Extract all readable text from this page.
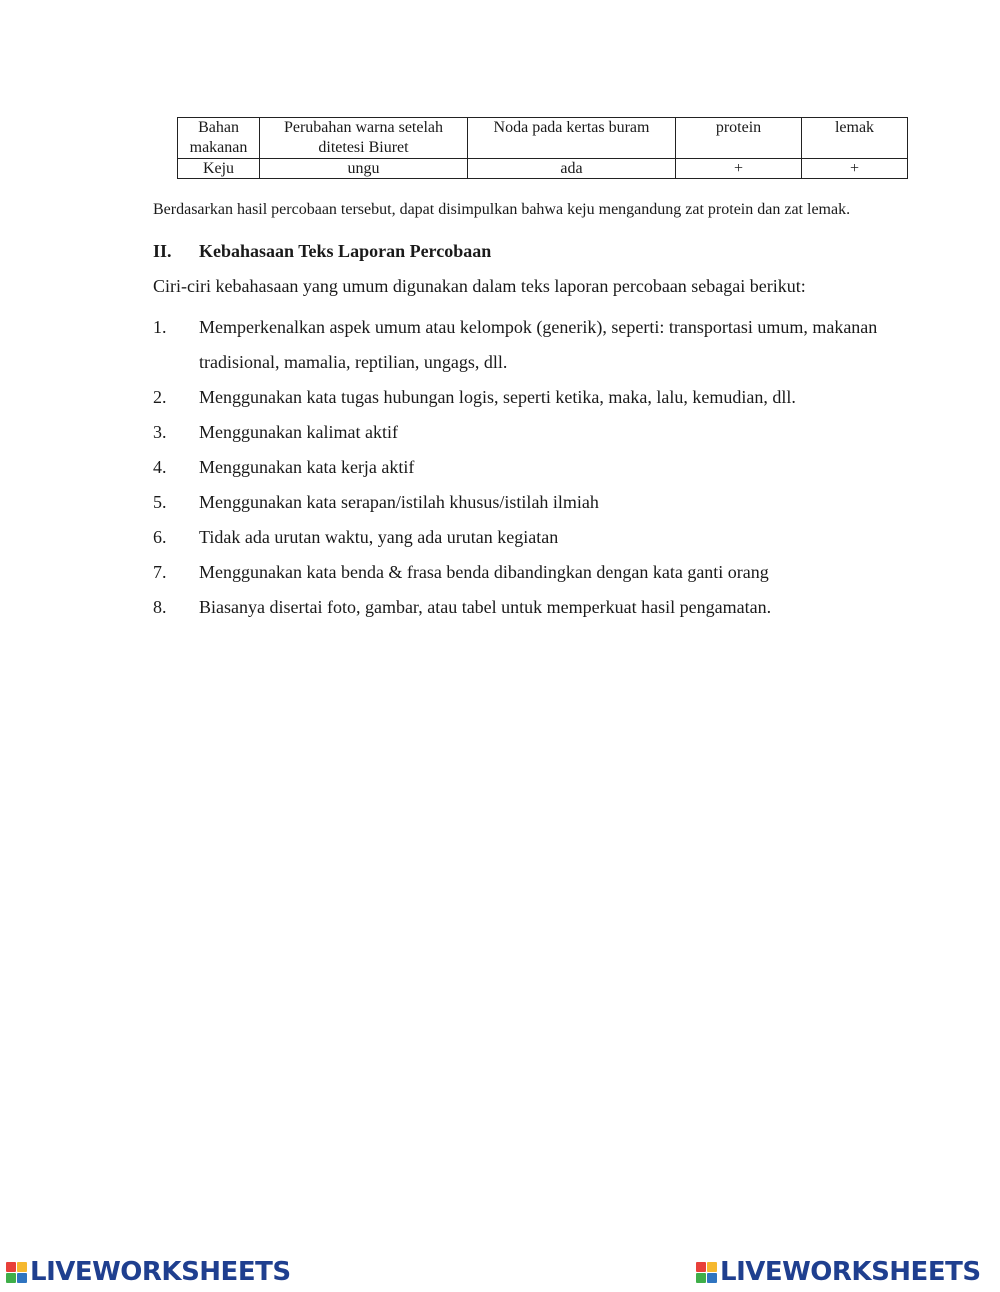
Bahan makanan	Perubahan warna setelah ditetesi Biuret	Noda pada kertas buram	protein	lemak
Keju	ungu	ada	+	+
Berdasarkan hasil percobaan tersebut, dapat disimpulkan bahwa keju mengandung zat protein dan zat lemak.
II. Kebahasaan Teks Laporan Percobaan
Ciri-ciri kebahasaan yang umum digunakan dalam teks laporan percobaan sebagai berikut:
1. Memperkenalkan aspek umum atau kelompok (generik), seperti: transportasi umum, makanan tradisional, mamalia, reptilian, ungags, dll.
2. Menggunakan kata tugas hubungan logis, seperti ketika, maka, lalu, kemudian, dll.
3. Menggunakan kalimat aktif
4. Menggunakan kata kerja aktif
5. Menggunakan kata serapan/istilah khusus/istilah ilmiah
6. Tidak ada urutan waktu, yang ada urutan kegiatan
7. Menggunakan kata benda & frasa benda dibandingkan dengan kata ganti orang
8. Biasanya disertai foto, gambar, atau tabel untuk memperkuat hasil pengamatan.
LIVEWORKSHEETS	LIVEWORKSHEETS
